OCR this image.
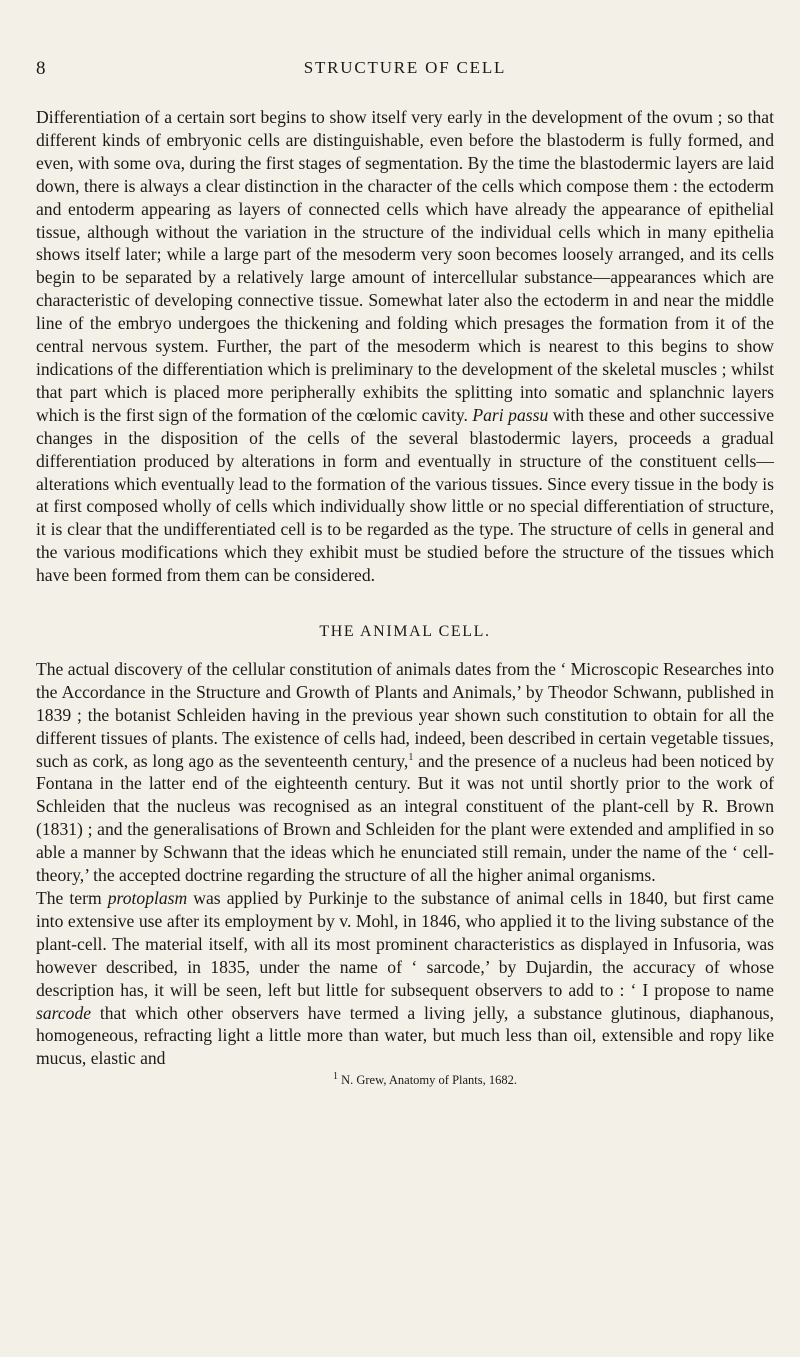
8	STRUCTURE OF CELL

Differentiation of a certain sort begins to show itself very early in the development of the ovum ; so that different kinds of embryonic cells are distinguishable, even before the blastoderm is fully formed, and even, with some ova, during the first stages of segmentation. By the time the blastodermic layers are laid down, there is always a clear distinction in the character of the cells which compose them : the ectoderm and entoderm appearing as layers of connected cells which have already the appearance of epithelial tissue, although without the variation in the structure of the individual cells which in many epithelia shows itself later; while a large part of the mesoderm very soon becomes loosely arranged, and its cells begin to be separated by a relatively large amount of intercellular substance—appearances which are characteristic of developing connective tissue. Somewhat later also the ectoderm in and near the middle line of the embryo undergoes the thickening and folding which presages the formation from it of the central nervous system. Further, the part of the mesoderm which is nearest to this begins to show indications of the differentiation which is preliminary to the development of the skeletal muscles ; whilst that part which is placed more peripherally exhibits the splitting into somatic and splanchnic layers which is the first sign of the formation of the cœlomic cavity. Pari passu with these and other successive changes in the disposition of the cells of the several blastodermic layers, proceeds a gradual differentiation produced by alterations in form and eventually in structure of the constituent cells—alterations which eventually lead to the formation of the various tissues. Since every tissue in the body is at first composed wholly of cells which individually show little or no special differentiation of structure, it is clear that the undifferentiated cell is to be regarded as the type. The structure of cells in general and the various modifications which they exhibit must be studied before the structure of the tissues which have been formed from them can be considered.

THE ANIMAL CELL.

The actual discovery of the cellular constitution of animals dates from the ‘ Microscopic Researches into the Accordance in the Structure and Growth of Plants and Animals,’ by Theodor Schwann, published in 1839 ; the botanist Schleiden having in the previous year shown such constitution to obtain for all the different tissues of plants. The existence of cells had, indeed, been described in certain vegetable tissues, such as cork, as long ago as the seventeenth century,$^1$ and the presence of a nucleus had been noticed by Fontana in the latter end of the eighteenth century. But it was not until shortly prior to the work of Schleiden that the nucleus was recognised as an integral constituent of the plant-cell by R. Brown (1831) ; and the generalisations of Brown and Schleiden for the plant were extended and amplified in so able a manner by Schwann that the ideas which he enunciated still remain, under the name of the ‘ cell-theory,’ the accepted doctrine regarding the structure of all the higher animal organisms.

The term protoplasm was applied by Purkinje to the substance of animal cells in 1840, but first came into extensive use after its employment by v. Mohl, in 1846, who applied it to the living substance of the plant-cell. The material itself, with all its most prominent characteristics as displayed in Infusoria, was however described, in 1835, under the name of ‘ sarcode,’ by Dujardin, the accuracy of whose description has, it will be seen, left but little for subsequent observers to add to : ‘ I propose to name sarcode that which other observers have termed a living jelly, a substance glutinous, diaphanous, homogeneous, refracting light a little more than water, but much less than oil, extensible and ropy like mucus, elastic and

$^1$ N. Grew, Anatomy of Plants, 1682.
